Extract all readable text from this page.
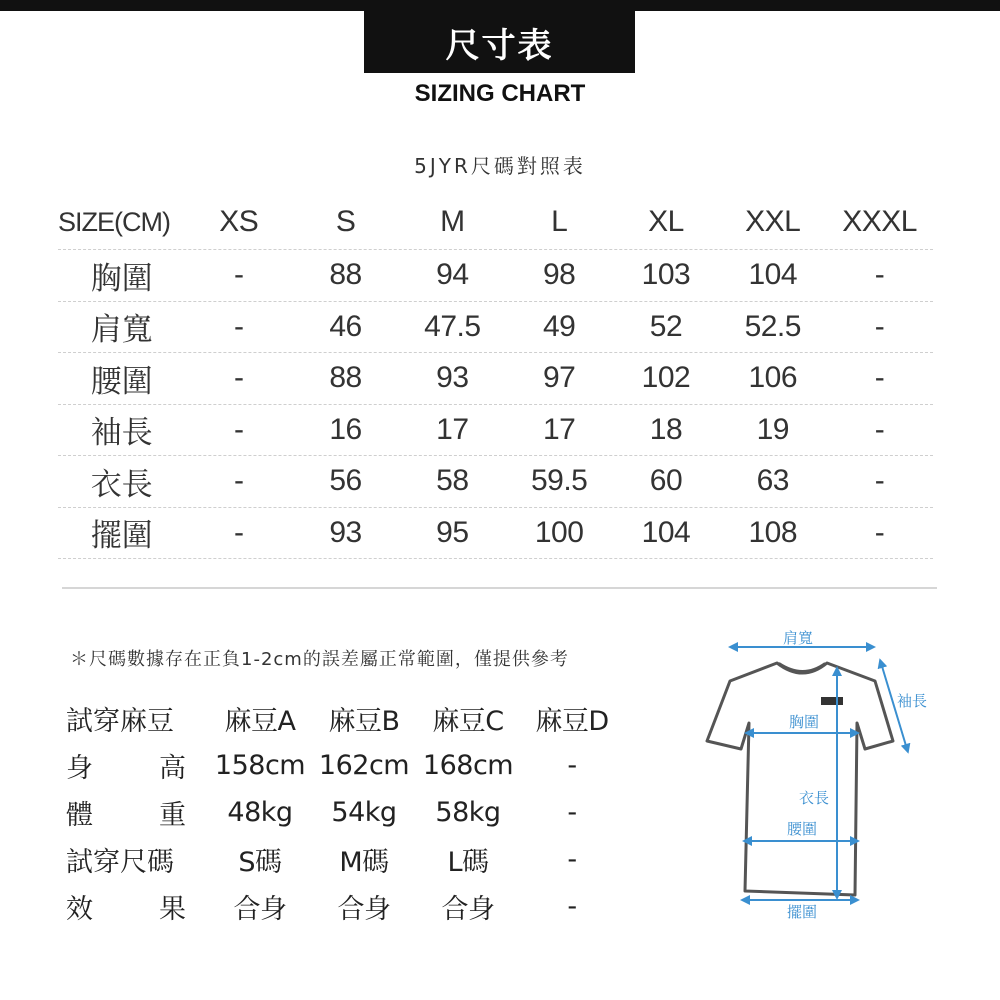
尺寸表
SIZING CHART
5JYR尺碼對照表
SIZE(CM)	XS	S	M	L	XL	XXL	XXXL
胸圍	-	88	94	98	103	104	-
肩寬	-	46	47.5	49	52	52.5	-
腰圍	-	88	93	97	102	106	-
袖長	-	16	17	17	18	19	-
衣長	-	56	58	59.5	60	63	-
擺圍	-	93	95	100	104	108	-
＊尺碼數據存在正負1-2cm的誤差屬正常範圍，僅提供參考
試穿麻豆	麻豆A	麻豆B	麻豆C	麻豆D
身 高 158cm 162cm 168cm	-
體 重	48kg	54kg	58kg	-
試穿尺碼	S碼	M碼	L碼	-
效 果	合身	合身	合身	-
肩寬
袖長
胸圍
衣長
腰圍
擺圍
